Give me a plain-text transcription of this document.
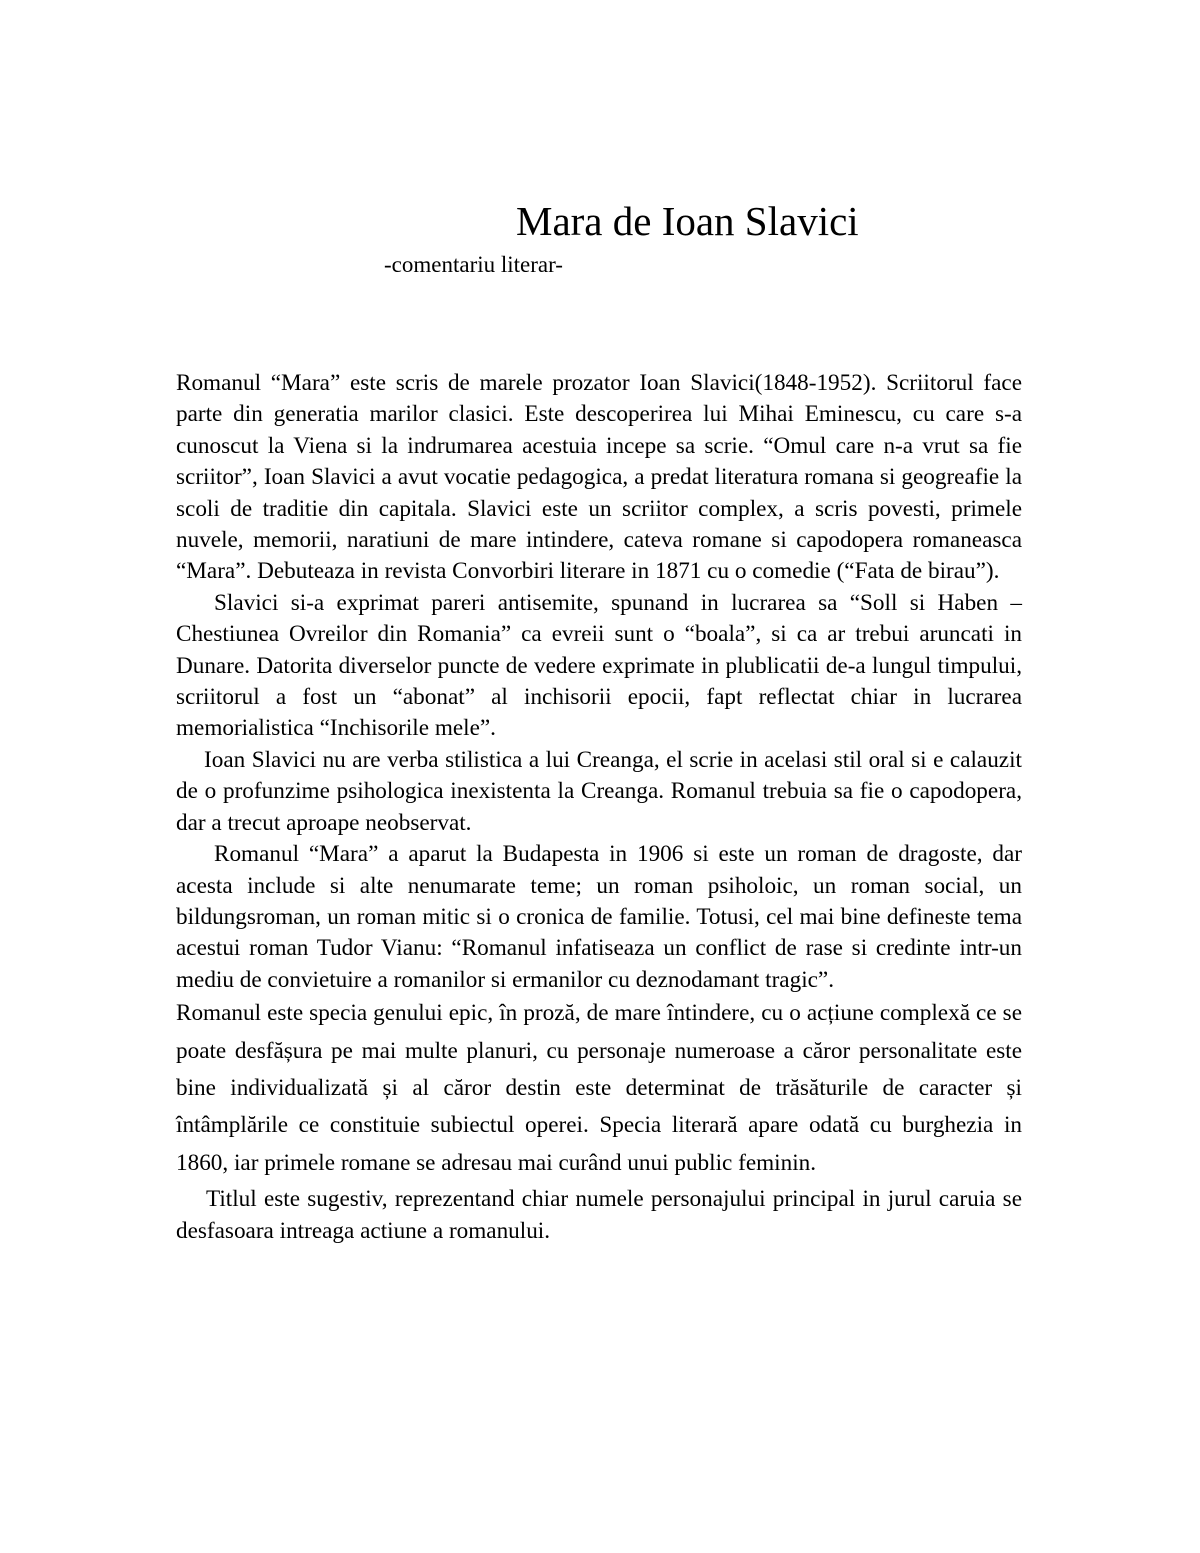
Mara de Ioan Slavici
-comentariu literar-

Romanul “Mara” este scris de marele prozator Ioan Slavici(1848-1952). Scriitorul face parte din generatia marilor clasici. Este descoperirea lui Mihai Eminescu, cu care s-a cunoscut la Viena si la indrumarea acestuia incepe sa scrie. “Omul care n-a vrut sa fie scriitor”, Ioan Slavici a avut vocatie pedagogica, a predat literatura romana si geogreafie la scoli de traditie din capitala. Slavici este un scriitor complex, a scris povesti, primele nuvele, memorii, naratiuni de mare intindere, cateva romane si capodopera romaneasca “Mara”. Debuteaza in revista Convorbiri literare in 1871 cu o comedie (“Fata de birau”).

Slavici si-a exprimat pareri antisemite, spunand in lucrarea sa “Soll si Haben –Chestiunea Ovreilor din Romania” ca evreii sunt o “boala”, si ca ar trebui aruncati in Dunare. Datorita diverselor puncte de vedere exprimate in plublicatii de-a lungul timpului, scriitorul a fost un “abonat” al inchisorii epocii, fapt reflectat chiar in lucrarea memorialistica “Inchisorile mele”.

Ioan Slavici nu are verba stilistica a lui Creanga, el scrie in acelasi stil oral si e calauzit de o profunzime psihologica inexistenta la Creanga. Romanul trebuia sa fie o capodopera, dar a trecut aproape neobservat.

Romanul “Mara” a aparut la Budapesta in 1906 si este un roman de dragoste, dar acesta include si alte nenumarate teme; un roman psiholoic, un roman social, un bildungsroman, un roman mitic si o cronica de familie. Totusi, cel mai bine defineste tema acestui roman Tudor Vianu: “Romanul infatiseaza un conflict de rase si credinte intr-un mediu de convietuire a romanilor si ermanilor cu deznodamant tragic”.

Romanul este specia genului epic, în proză, de mare întindere, cu o acțiune complexă ce se poate desfășura pe mai multe planuri, cu personaje numeroase a căror personalitate este bine individualizată și al căror destin este determinat de trăsăturile de caracter și întâmplările ce constituie subiectul operei. Specia literară apare odată cu burghezia in 1860, iar primele romane se adresau mai curând unui public feminin.

Titlul este sugestiv, reprezentand chiar numele personajului principal in jurul caruia se desfasoara intreaga actiune a romanului.
